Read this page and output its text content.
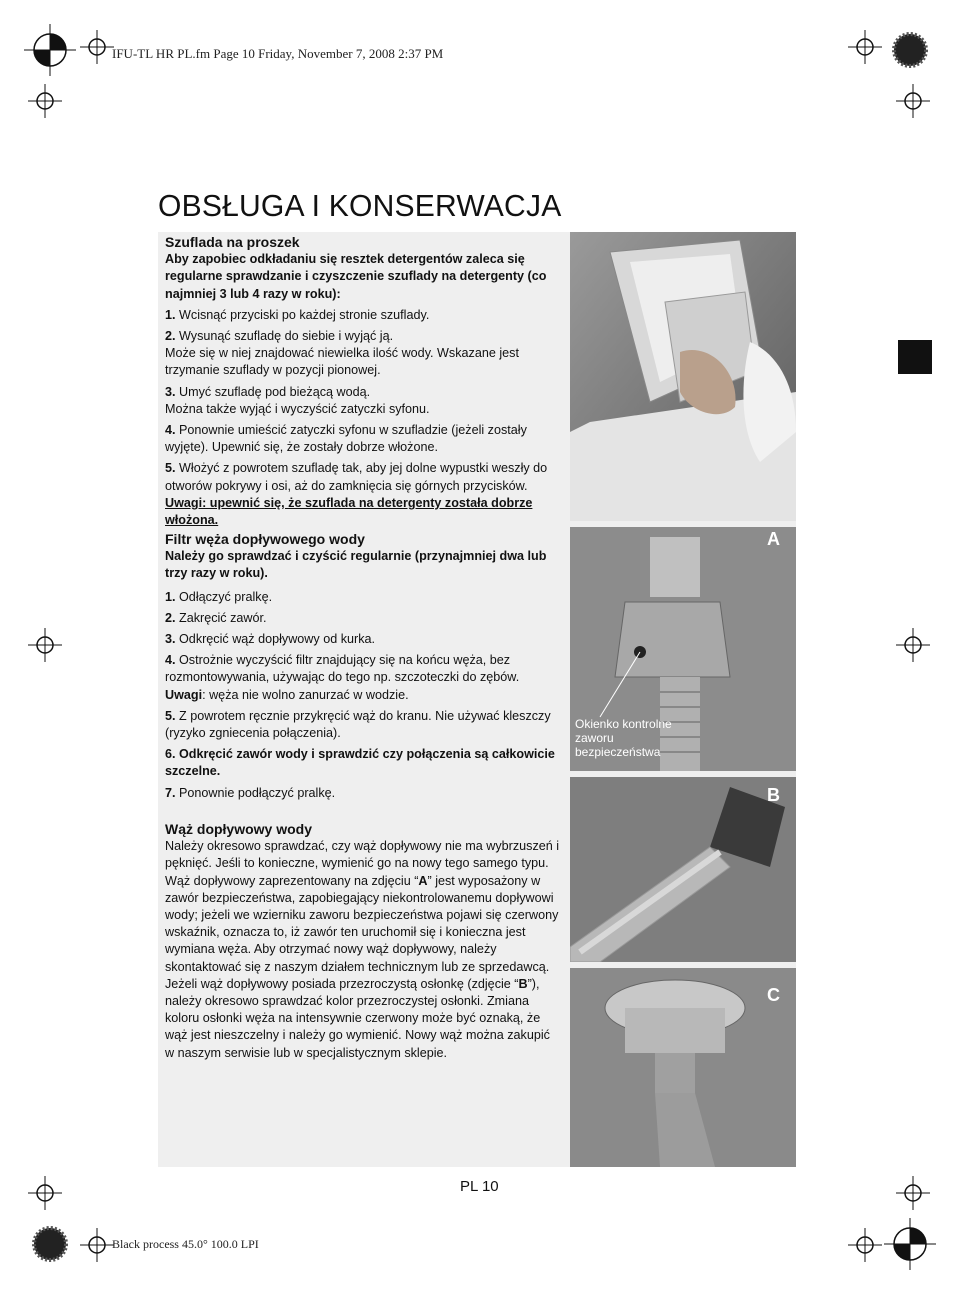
IFU-TL HR PL.fm Page 10 Friday, November 7, 2008 2:37 PM
Black process 45.0° 100.0 LPI
OBSŁUGA I KONSERWACJA

Szuflada na proszek

Aby zapobiec odkładaniu się resztek detergentów zaleca się regularne sprawdzanie i czyszczenie szuflady na detergenty (co najmniej 3 lub 4 razy w roku):

1. Wcisnąć przyciski po każdej stronie szuflady.

2. Wysunąć szufladę do siebie i wyjąć ją.

Może się w niej znajdować niewielka ilość wody. Wskazane jest trzymanie szuflady w pozycji pionowej.

3. Umyć szufladę pod bieżącą wodą.

Można także wyjąć i wyczyścić zatyczki syfonu.

4. Ponownie umieścić zatyczki syfonu w szufladzie (jeżeli zostały wyjęte). Upewnić się, że zostały dobrze włożone.

5. Włożyć z powrotem szufladę tak, aby jej dolne wypustki weszły do otworów pokrywy i osi, aż do zamknięcia się górnych przycisków.

Uwagi: upewnić się, że szuflada na detergenty została dobrze włożona.

Filtr węża dopływowego wody

Należy go sprawdzać i czyścić regularnie (przynajmniej dwa lub trzy razy w roku).

1. Odłączyć pralkę.

2. Zakręcić zawór.

3. Odkręcić wąż dopływowy od kurka.

4. Ostrożnie wyczyścić filtr znajdujący się na końcu węża, bez rozmontowywania, używając do tego np. szczoteczki do zębów.

Uwagi: węża nie wolno zanurzać w wodzie.

5. Z powrotem ręcznie przykręcić wąż do kranu. Nie używać kleszczy (ryzyko zgniecenia połączenia).

6. Odkręcić zawór wody i sprawdzić czy połączenia są całkowicie szczelne.

7. Ponownie podłączyć pralkę.

Wąż dopływowy wody

Należy okresowo sprawdzać, czy wąż dopływowy nie ma wybrzuszeń i pęknięć. Jeśli to konieczne, wymienić go na nowy tego samego typu.

Wąż dopływowy zaprezentowany na zdjęciu “A” jest wyposażony w zawór bezpieczeństwa, zapobiegający niekontrolowanemu dopływowi wody; jeżeli we wzierniku zaworu bezpieczeństwa pojawi się czerwony wskaźnik, oznacza to, iż zawór ten uruchomił się i konieczna jest wymiana węża. Aby otrzymać nowy wąż dopływowy, należy skontaktować się z naszym działem technicznym lub ze sprzedawcą.

Jeżeli wąż dopływowy posiada przezroczystą osłonkę (zdjęcie “B”), należy okresowo sprawdzać kolor przezroczystej osłonki. Zmiana koloru osłonki węża na intensywnie czerwony może być oznaką, że wąż jest nieszczelny i należy go wymienić. Nowy wąż można zakupić w naszym serwisie lub w specjalistycznym sklepie.

A
Okienko kontrolne zaworu bezpieczeństwa
B
C
PL 10
